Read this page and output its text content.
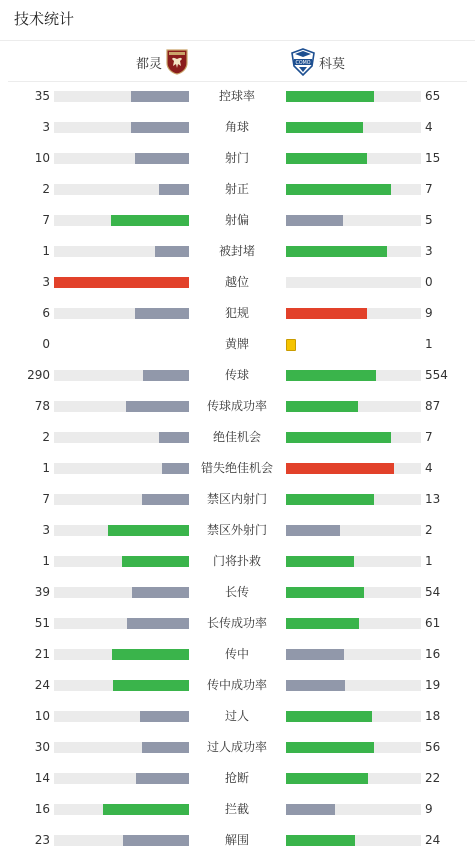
技术统计
都灵	COMO 科莫
35	控球率	65
3	角球	4
10	射门	15
2	射正	7
7	射偏	5
1	被封堵	3
3	越位	0
6	犯规	9
0	黄牌	1
290	传球	554
78	传球成功率	87
2	绝佳机会	7
1	错失绝佳机会	4
7	禁区内射门	13
3	禁区外射门	2
1	门将扑救	1
39	长传	54
51	长传成功率	61
21	传中	16
24	传中成功率	19
10	过人	18
30	过人成功率	56
14	抢断	22
16	拦截	9
23	解围	24
